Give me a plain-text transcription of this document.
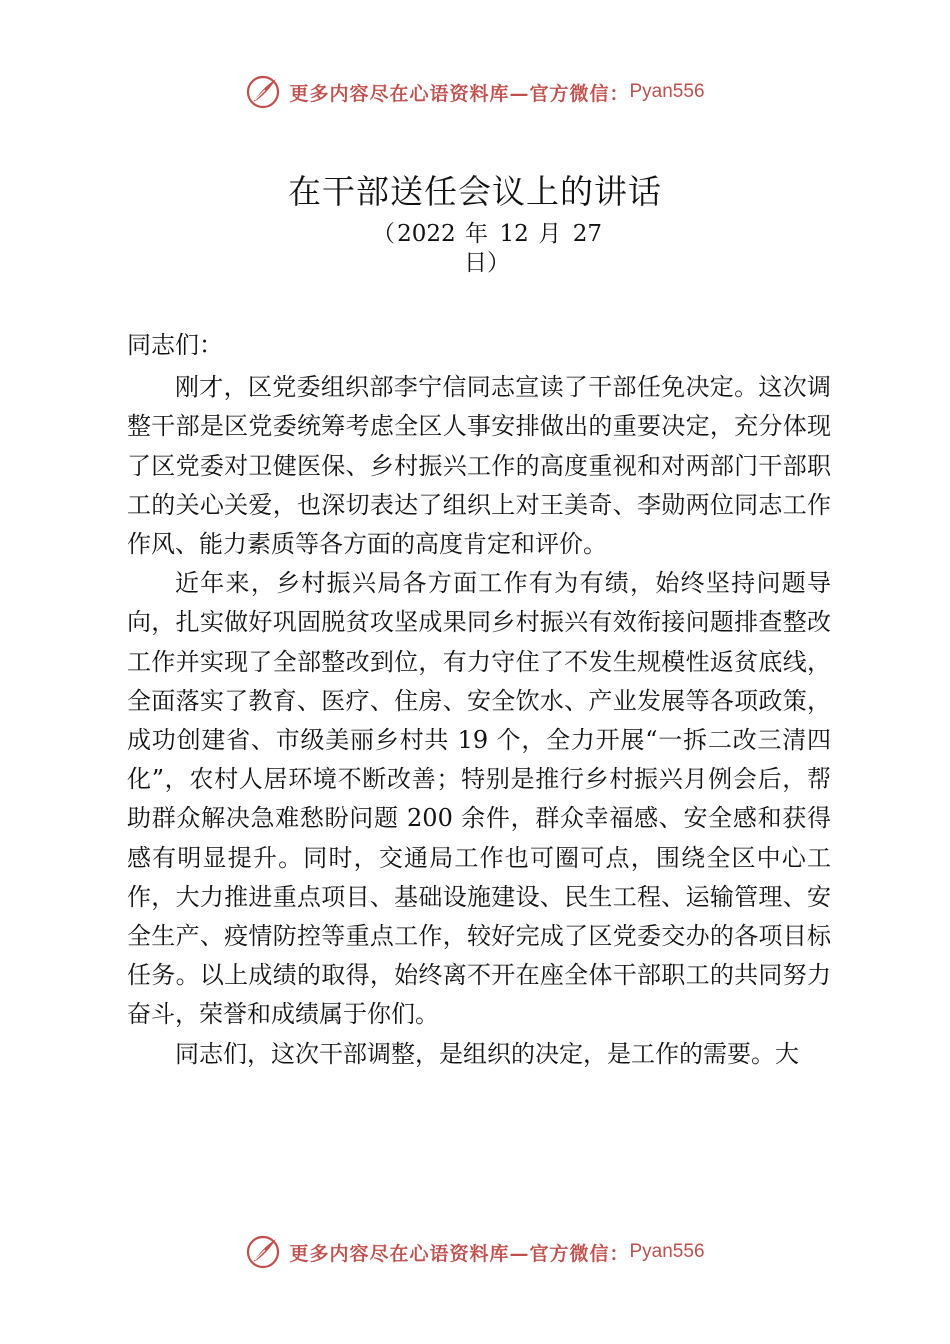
更多内容尽在心语资料库—官方微信： Pyan556
在干部送任会议上的讲话
（2022 年 12 月 27 日）

同志们：

刚才，区党委组织部李宁信同志宣读了干部任免决定。这次调整干部是区党委统筹考虑全区人事安排做出的重要决定，充分体现了区党委对卫健医保、乡村振兴工作的高度重视和对两部门干部职工的关心关爱，也深切表达了组织上对王美奇、李勋两位同志工作作风、能力素质等各方面的高度肯定和评价。

近年来，乡村振兴局各方面工作有为有绩，始终坚持问题导向，扎实做好巩固脱贫攻坚成果同乡村振兴有效衔接问题排查整改工作并实现了全部整改到位，有力守住了不发生规模性返贫底线，全面落实了教育、医疗、住房、安全饮水、产业发展等各项政策，成功创建省、市级美丽乡村共 19 个，全力开展“一拆二改三清四化”，农村人居环境不断改善；特别是推行乡村振兴月例会后，帮助群众解决急难愁盼问题 200 余件，群众幸福感、安全感和获得感有明显提升。同时，交通局工作也可圈可点，围绕全区中心工作，大力推进重点项目、基础设施建设、民生工程、运输管理、安全生产、疫情防控等重点工作，较好完成了区党委交办的各项目标任务。以上成绩的取得，始终离不开在座全体干部职工的共同努力奋斗，荣誉和成绩属于你们。

同志们，这次干部调整，是组织的决定，是工作的需要。大

更多内容尽在心语资料库—官方微信： Pyan556
